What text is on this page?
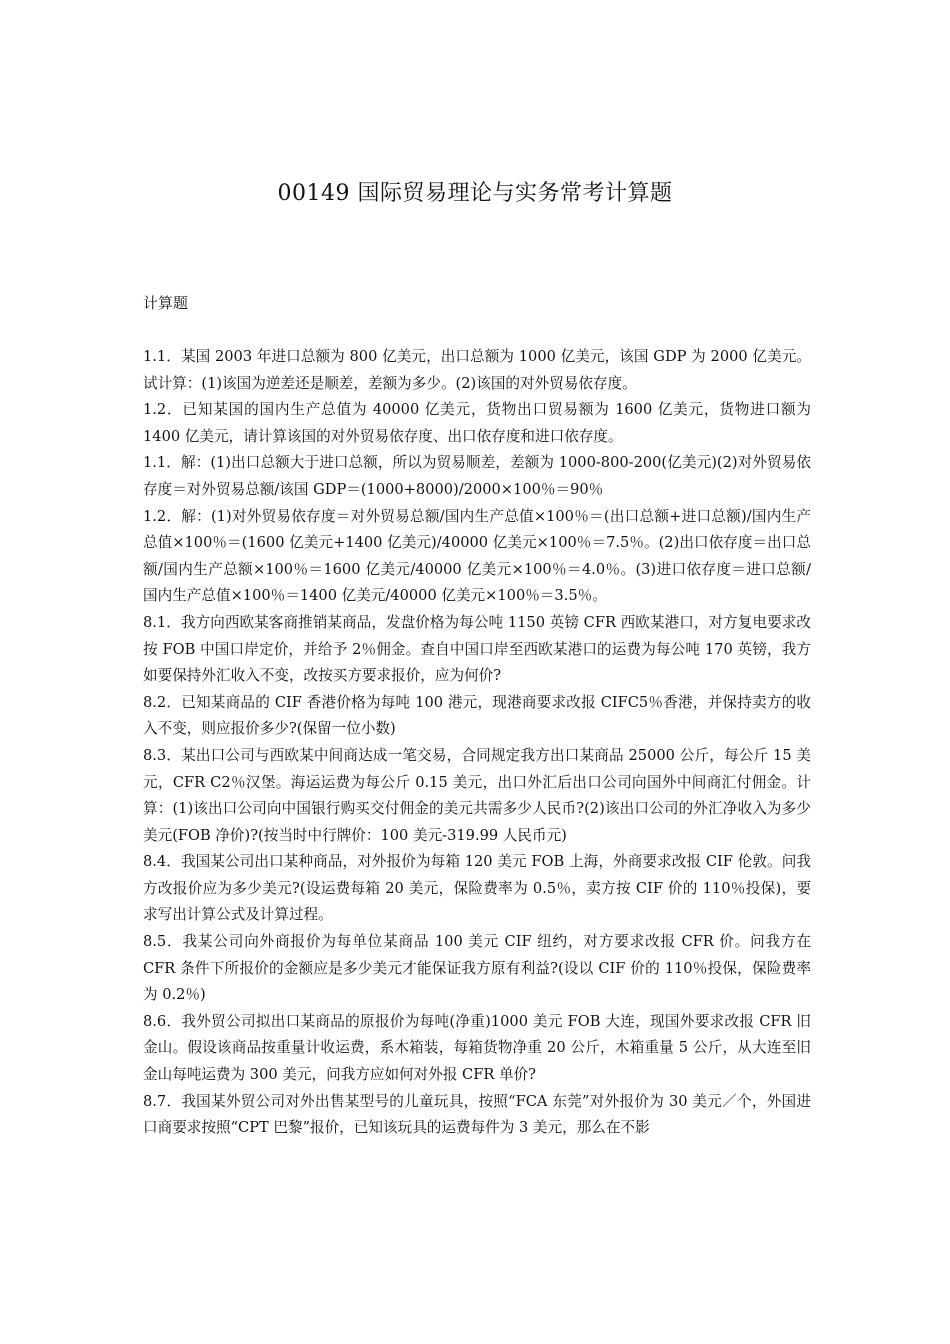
00149 国际贸易理论与实务常考计算题
计算题

1.1．某国 2003 年进口总额为 800 亿美元，出口总额为 1000 亿美元，该国 GDP 为 2000 亿美元。试计算：(1)该国为逆差还是顺差，差额为多少。(2)该国的对外贸易依存度。

1.2．已知某国的国内生产总值为 40000 亿美元，货物出口贸易额为 1600 亿美元，货物进口额为 1400 亿美元，请计算该国的对外贸易依存度、出口依存度和进口依存度。

1.1．解：(1)出口总额大于进口总额，所以为贸易顺差，差额为 1000-800-200(亿美元)(2)对外贸易依存度＝对外贸易总额/该国 GDP＝(1000+8000)/2000×100％＝90％

1.2．解：(1)对外贸易依存度＝对外贸易总额/国内生产总值×100％＝(出口总额+进口总额)/国内生产总值×100％＝(1600 亿美元+1400 亿美元)/40000 亿美元×100％＝7.5％。(2)出口依存度＝出口总额/国内生产总额×100％＝1600 亿美元/40000 亿美元×100％＝4.0％。(3)进口依存度＝进口总额/国内生产总值×100％＝1400 亿美元/40000 亿美元×100％＝3.5％。

8.1．我方向西欧某客商推销某商品，发盘价格为每公吨 1150 英镑 CFR 西欧某港口，对方复电要求改按 FOB 中国口岸定价，并给予 2％佣金。查自中国口岸至西欧某港口的运费为每公吨 170 英镑，我方如要保持外汇收入不变，改按买方要求报价，应为何价?

8.2．已知某商品的 CIF 香港价格为每吨 100 港元，现港商要求改报 CIFC5％香港，并保持卖方的收入不变，则应报价多少?(保留一位小数)

8.3．某出口公司与西欧某中间商达成一笔交易，合同规定我方出口某商品 25000 公斤，每公斤 15 美元，CFR C2％汉堡。海运运费为每公斤 0.15 美元，出口外汇后出口公司向国外中间商汇付佣金。计算：(1)该出口公司向中国银行购买交付佣金的美元共需多少人民币?(2)该出口公司的外汇净收入为多少美元(FOB 净价)?(按当时中行牌价：100 美元-319.99 人民币元)

8.4．我国某公司出口某种商品，对外报价为每箱 120 美元 FOB 上海，外商要求改报 CIF 伦敦。问我方改报价应为多少美元?(设运费每箱 20 美元，保险费率为 0.5％，卖方按 CIF 价的 110％投保)，要求写出计算公式及计算过程。

8.5．我某公司向外商报价为每单位某商品 100 美元 CIF 纽约，对方要求改报 CFR 价。问我方在 CFR 条件下所报价的金额应是多少美元才能保证我方原有利益?(设以 CIF 价的 110％投保，保险费率为 0.2％)

8.6．我外贸公司拟出口某商品的原报价为每吨(净重)1000 美元 FOB 大连，现国外要求改报 CFR 旧金山。假设该商品按重量计收运费，系木箱装，每箱货物净重 20 公斤，木箱重量 5 公斤，从大连至旧金山每吨运费为 300 美元，问我方应如何对外报 CFR 单价?

8.7．我国某外贸公司对外出售某型号的儿童玩具，按照“FCA 东莞”对外报价为 30 美元／个，外国进口商要求按照“CPT 巴黎”报价，已知该玩具的运费每件为 3 美元，那么在不影
